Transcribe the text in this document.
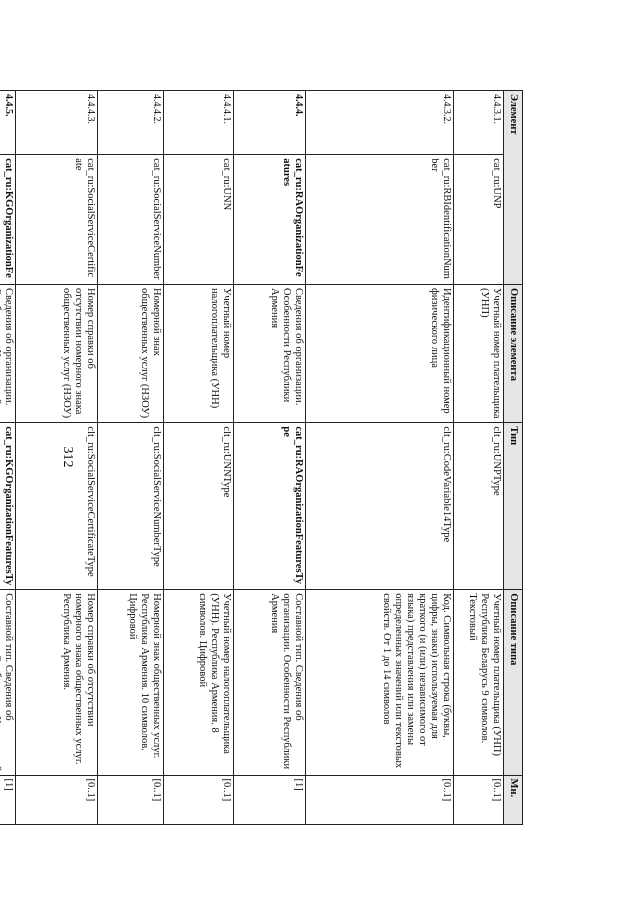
312
Элемент		Описание элемента	Тип	Описание типа	Мн.
4.4.3.1.	cat_ru:UNP	Учетный номер плательщика (УНП)	clt_ru:UNPType	Учетный номер плательщика (УНП) Республика Беларусь 9 символов. Текстовый	[0..1]
4.4.3.2.	cat_ru:RBIdentificationNumber	Идентификационный номер физического лица	clt_ru:CodeVariable14Type	Код. Символьная строка (буквы, цифры, знаки) используемая для краткого (и (или) независимого от языка) представления или замены определенных значений или текстовых свойств. От 1 до 14 символов	[0..1]
4.4.4.	cat_ru:RAOrganizationFeatures	Сведения об организации. Особенности Республики Армения	cat_ru:RAOrganizationFeaturesType	Составной тип. Сведения об организации. Особенности Республики Армения	[1]
4.4.4.1.	cat_ru:UNN	Учетный номер налогоплательщика (УНН)	clt_ru:UNNType	Учетный номер налогоплательщика (УНН). Республика Армения. 8 символов. Цифровой	[0..1]
4.4.4.2.	cat_ru:SocialServiceNumber	Номерной знак общественных услуг (НЗОУ)	clt_ru:SocialServiceNumberType	Номерной знак общественных услуг. Республика Армения. 10 символов. Цифровой	[0..1]
4.4.4.3.	cat_ru:SocialServiceCertificate	Номер справки об отсутствии номерного знака общественных услуг (НЗОУ)	clt_ru:SocialServiceCertificateType	Номер справки об отсутствии номерного знака общественных услуг. Республика Армения.	[0..1]
4.4.5.	cat_ru:KGOrganizationFe	Сведения об организации.	cat_ru:KGOrganizationFeaturesTy	Составной тип. Сведения об	[1]
